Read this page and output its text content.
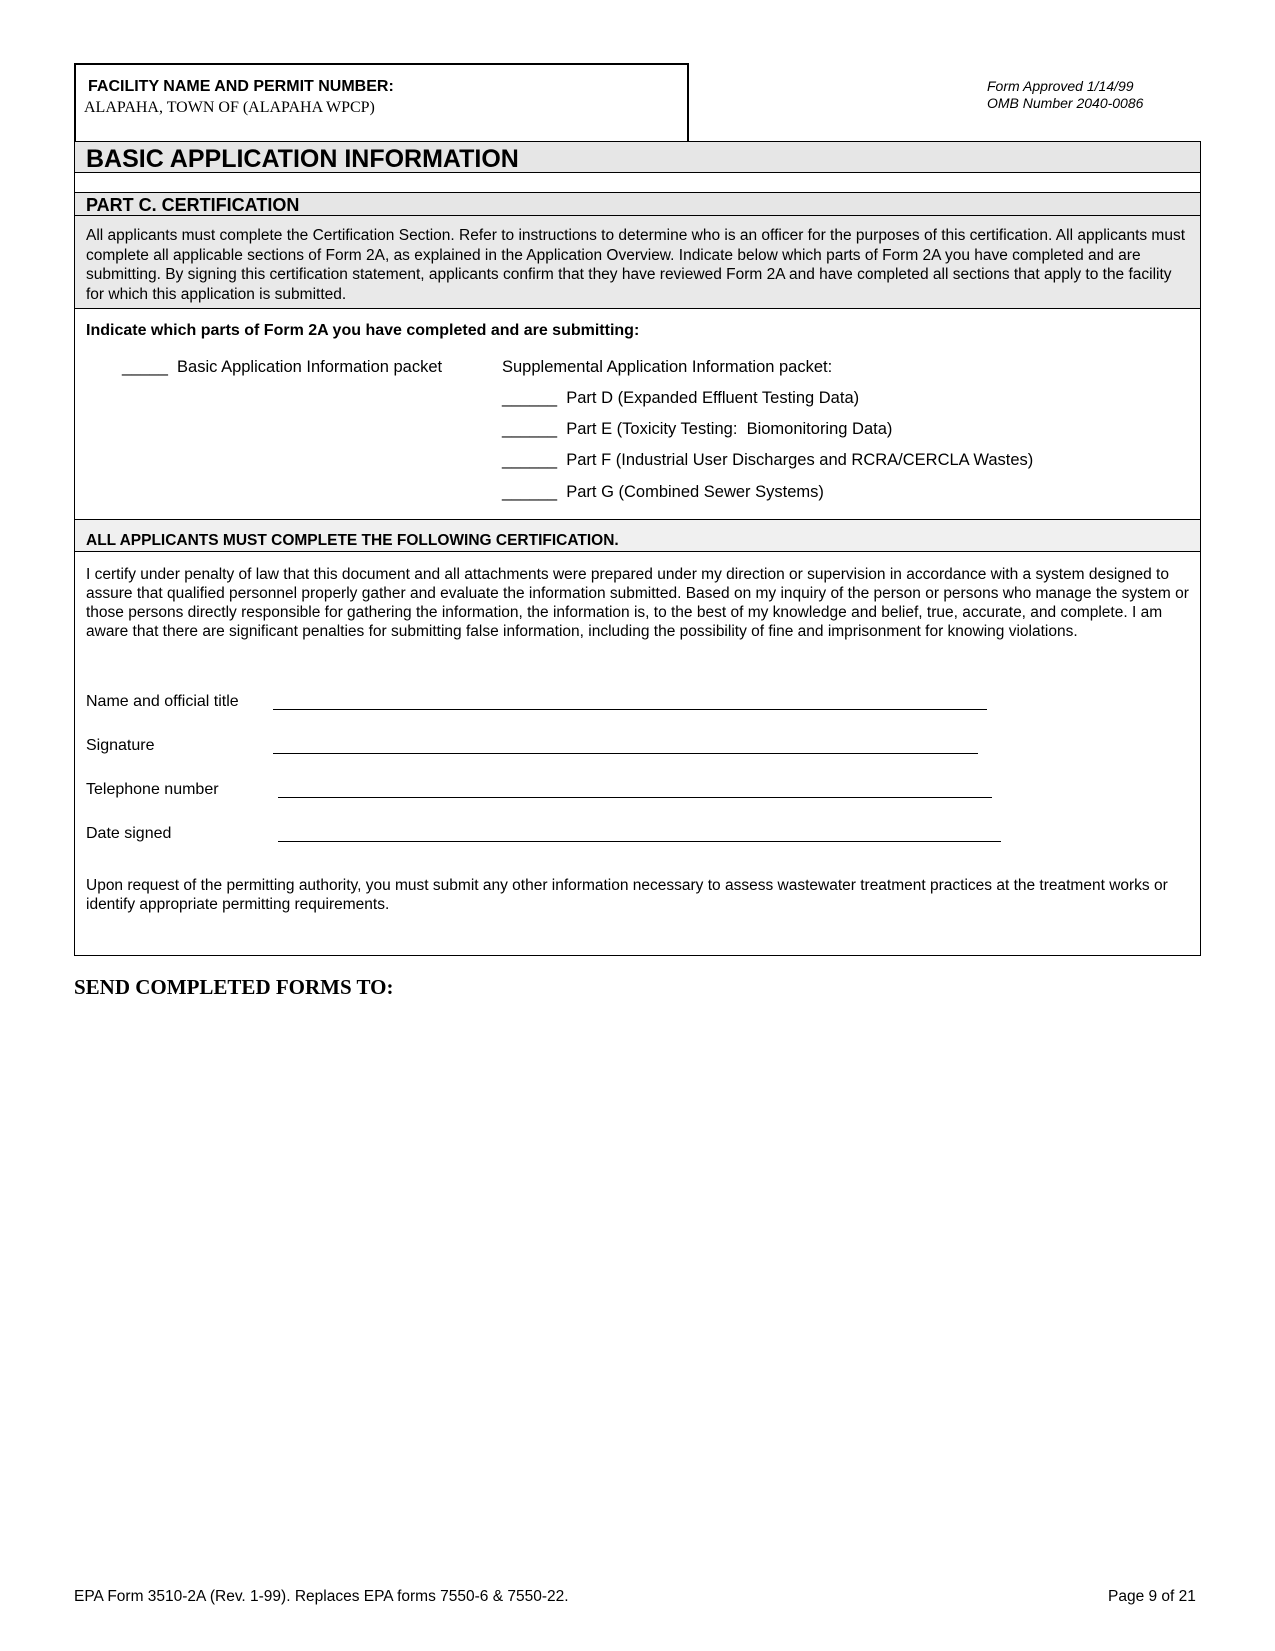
FACILITY NAME AND PERMIT NUMBER:
ALAPAHA, TOWN OF (ALAPAHA WPCP)
Form Approved 1/14/99
OMB Number 2040-0086
BASIC APPLICATION INFORMATION
PART C. CERTIFICATION
All applicants must complete the Certification Section. Refer to instructions to determine who is an officer for the purposes of this certification. All applicants must complete all applicable sections of Form 2A, as explained in the Application Overview. Indicate below which parts of Form 2A you have completed and are submitting. By signing this certification statement, applicants confirm that they have reviewed Form 2A and have completed all sections that apply to the facility for which this application is submitted.
Indicate which parts of Form 2A you have completed and are submitting:
_____  Basic Application Information packet	Supplemental Application Information packet:
______  Part D (Expanded Effluent Testing Data)
______  Part E (Toxicity Testing:  Biomonitoring Data)
______  Part F (Industrial User Discharges and RCRA/CERCLA Wastes)
______  Part G (Combined Sewer Systems)
ALL APPLICANTS MUST COMPLETE THE FOLLOWING CERTIFICATION.
I certify under penalty of law that this document and all attachments were prepared under my direction or supervision in accordance with a system designed to assure that qualified personnel properly gather and evaluate the information submitted. Based on my inquiry of the person or persons who manage the system or those persons directly responsible for gathering the information, the information is, to the best of my knowledge and belief, true, accurate, and complete. I am aware that there are significant penalties for submitting false information, including the possibility of fine and imprisonment for knowing violations.
Name and official title
Signature
Telephone number
Date signed
Upon request of the permitting authority, you must submit any other information necessary to assess wastewater treatment practices at the treatment works or identify appropriate permitting requirements.
SEND COMPLETED FORMS TO:
EPA Form 3510-2A (Rev. 1-99). Replaces EPA forms 7550-6 & 7550-22.	Page 9 of 21
